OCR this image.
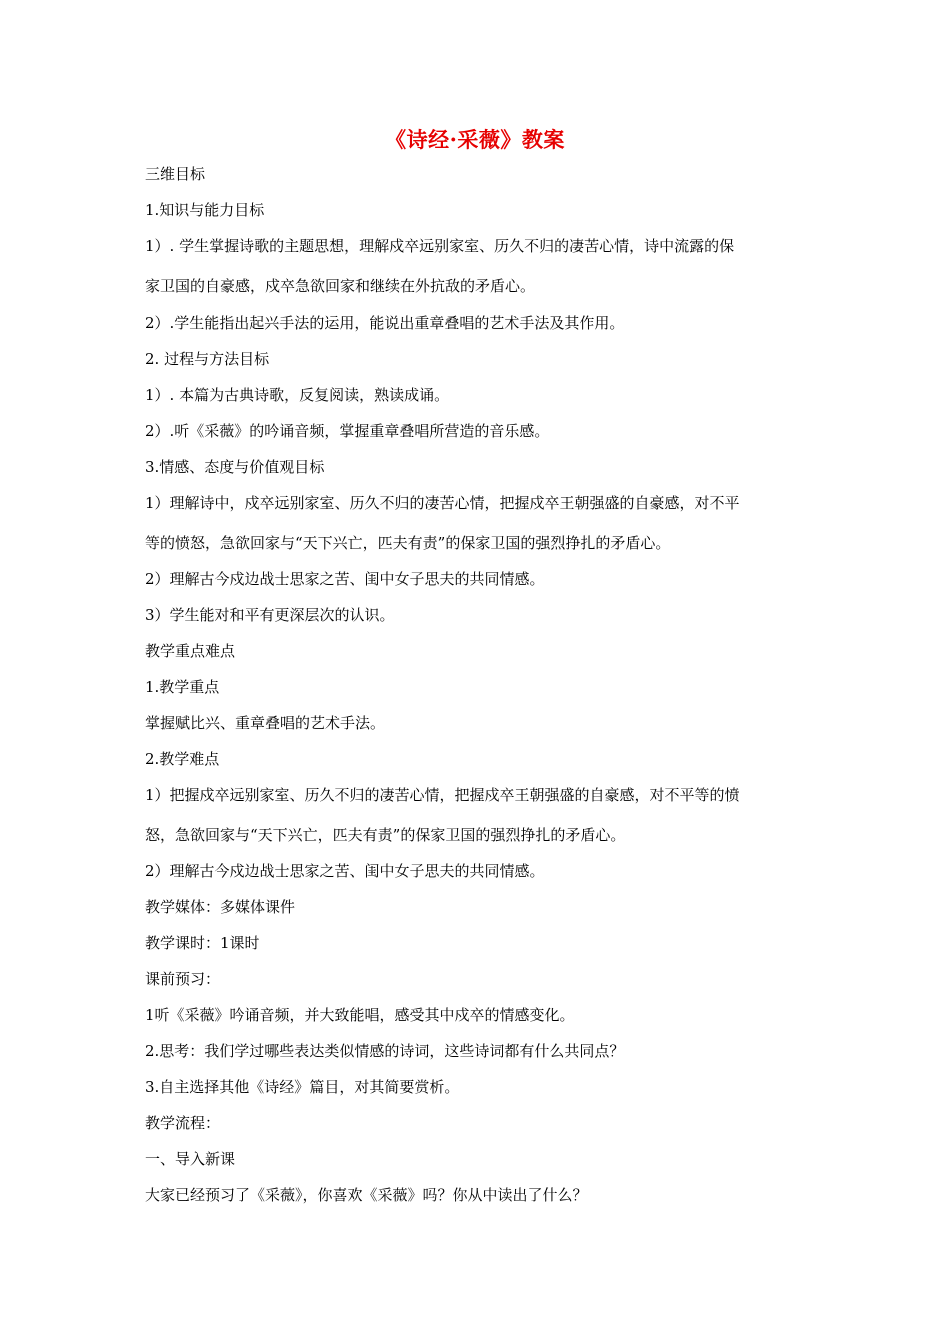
《诗经·采薇》教案
三维目标
1.知识与能力目标
1）. 学生掌握诗歌的主题思想，理解戍卒远别家室、历久不归的凄苦心情，诗中流露的保
家卫国的自豪感，戍卒急欲回家和继续在外抗敌的矛盾心。
2）.学生能指出起兴手法的运用，能说出重章叠唱的艺术手法及其作用。
2. 过程与方法目标
1）. 本篇为古典诗歌，反复阅读，熟读成诵。
2）.听《采薇》的吟诵音频，掌握重章叠唱所营造的音乐感。
3.情感、态度与价值观目标
1）理解诗中，戍卒远别家室、历久不归的凄苦心情，把握戍卒王朝强盛的自豪感，对不平
等的愤怒，急欲回家与“天下兴亡，匹夫有责”的保家卫国的强烈挣扎的矛盾心。
2）理解古今戍边战士思家之苦、闺中女子思夫的共同情感。
3）学生能对和平有更深层次的认识。
教学重点难点
1.教学重点
掌握赋比兴、重章叠唱的艺术手法。
2.教学难点
1）把握戍卒远别家室、历久不归的凄苦心情，把握戍卒王朝强盛的自豪感，对不平等的愤
怒，急欲回家与“天下兴亡，匹夫有责”的保家卫国的强烈挣扎的矛盾心。
2）理解古今戍边战士思家之苦、闺中女子思夫的共同情感。
教学媒体：多媒体课件
教学课时：1课时
课前预习：
1听《采薇》吟诵音频，并大致能唱，感受其中戍卒的情感变化。
2.思考：我们学过哪些表达类似情感的诗词，这些诗词都有什么共同点？
3.自主选择其他《诗经》篇目，对其简要赏析。
教学流程：
一、导入新课
大家已经预习了《采薇》，你喜欢《采薇》吗？你从中读出了什么？
